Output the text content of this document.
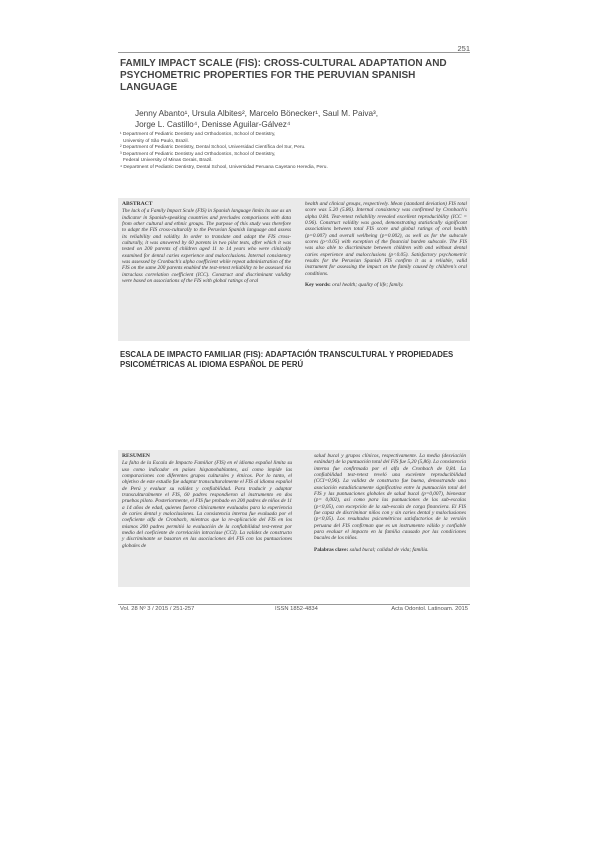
251
FAMILY IMPACT SCALE (FIS): CROSS-CULTURAL ADAPTATION AND PSYCHOMETRIC PROPERTIES FOR THE PERUVIAN SPANISH LANGUAGE
Jenny Abanto¹, Ursula Albites², Marcelo Bönecker¹, Saul M. Paiva³,
Jorge L. Castillo⁴, Denisse Aguilar-Gálvez⁴
¹ Department of Pediatric Dentistry and Orthodontics, School of Dentistry,
University of São Paulo, Brazil.
² Department of Pediatric Dentistry, Dental School, Universidad Científica del Sur, Peru.
³ Department of Pediatric Dentistry and Orthodontics, School of Dentistry,
Federal University of Minas Gerais, Brazil.
⁴ Department of Pediatric Dentistry, Dental School, Universidad Peruana Cayetano Heredia, Peru.
ABSTRACT
The lack of a Family Impact Scale (FIS) in Spanish language limits its use as an indicator in Spanish-speaking countries and precludes comparisons with data from other cultural and ethnic groups. The purpose of this study was therefore to adapt the FIS cross-culturally to the Peruvian Spanish language and assess its reliability and validity. In order to translate and adapt the FIS cross-culturally, it was answered by 60 parents in two pilot tests, after which it was tested on 200 parents of children aged 11 to 14 years who were clinically examined for dental caries experience and malocclusions. Internal consistency was assessed by Cronbach's alpha coefficient while repeat administration of the FIS on the same 200 parents enabled the test-retest reliability to be assessed via intraclass correlation coefficient (ICC). Construct and discriminant validity were based on associations of the FIS with global ratings of oral
health and clinical groups, respectively. Mean (standard deviation) FIS total score was 5.20 (5.86). Internal consistency was confirmed by Cronbach's alpha 0.84. Test-retest reliability revealed excellent reproducibility (ICC = 0.96). Construct validity was good, demonstrating statistically significant associations between total FIS score and global ratings of oral health (p=0.007) and overall wellbeing (p=0.002), as well as for the subscale scores (p<0.05) with exception of the financial burden subscale. The FIS was also able to discriminate between children with and without dental caries experience and malocclusions (p<0.05). Satisfactory psychometric results for the Peruvian Spanish FIS confirm it as a reliable, valid instrument for assessing the impact on the family caused by children's oral conditions.
Key words: oral health; quality of life; family.
ESCALA DE IMPACTO FAMILIAR (FIS): ADAPTACIÓN TRANSCULTURAL Y PROPIEDADES PSICOMÉTRICAS AL IDIOMA ESPAÑOL DE PERÚ
RESUMEN
La falta de la Escala de Impacto Familiar (FIS) en el idioma español limita su uso como indicador en países hispanohablantes, así como impide las comparaciones con diferentes grupos culturales y étnicos. Por lo tanto, el objetivo de este estudio fue adaptar transculturalmente el FIS al idioma español de Perú y evaluar su validez y confiabilidad. Para traducir y adaptar transculturalmente el FIS, 60 padres respondieron al instrumento en dos pruebas piloto. Posteriormente, el FIS fue probado en 200 padres de niños de 11 a 14 años de edad, quienes fueron clínicamente evaluados para la experiencia de caries dental y maloclusiones. La consistencia interna fue evaluada por el coeficiente alfa de Cronbach, mientras que la re-aplicación del FIS en los mismos 200 padres permitió la evaluación de la confiabilidad test-retest por medio del coeficiente de correlación intraclase (CCI). La validez de constructo y discriminante se basaron en las asociaciones del FIS con las puntuaciones globales de
salud bucal y grupos clínicos, respectivamente. La media (desviación estándar) de la puntuación total del FIS fue 5,20 (5,86). La consistencia interna fue confirmada por el alfa de Cronbach de 0,84. La confiabilidad test-retest reveló una excelente reproducibilidad (CCI=0,96). La validez de constructo fue buena, demostrando una asociación estadísticamente significativa entre la puntuación total del FIS y las puntuaciones globales de salud bucal (p=0,007), bienestar (p= 0,002), así como para las puntuaciones de las sub-escalas (p<0,05), con excepción de la sub-escala de carga financiera. El FIS fue capaz de discriminar niños con y sin caries dental y maloclusiones (p<0,05). Los resultados psicométricos satisfactorios de la versión peruana del FIS confirman que es un instrumento válido y confiable para evaluar el impacto en la familia causado por las condiciones bucales de los niños.
Palabras clave: salud bucal; calidad de vida; familia.
Vol. 28 Nº 3 / 2015 / 251-257	ISSN 1852-4834	Acta Odontol. Latinoam. 2015
